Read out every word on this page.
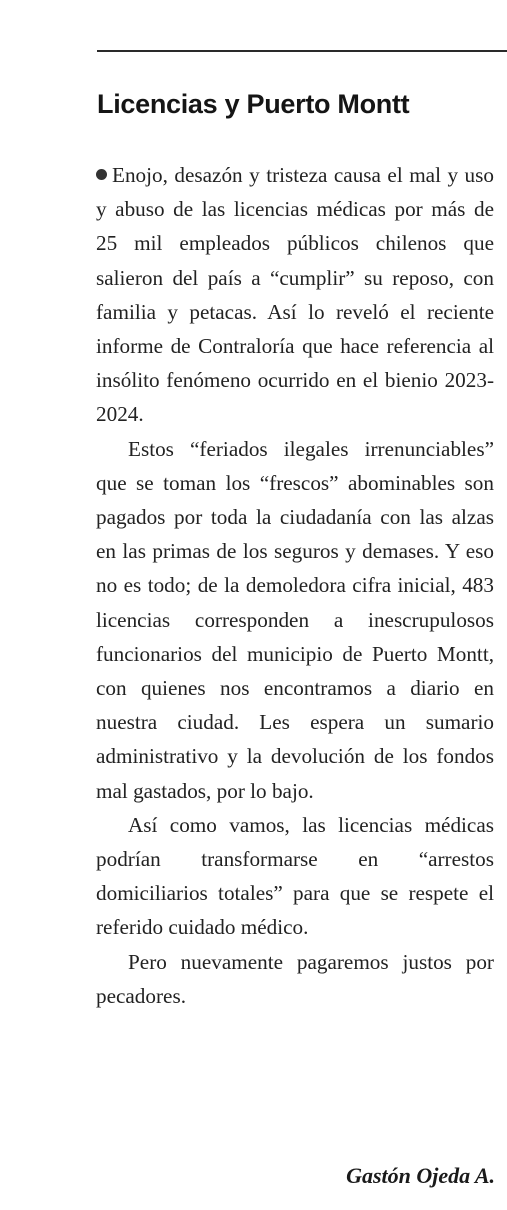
Licencias y Puerto Montt

Enojo, desazón y tristeza causa el mal y uso y abuso de las licencias médicas por más de 25 mil empleados públicos chilenos que salieron del país a “cumplir” su reposo, con familia y petacas. Así lo reveló el reciente informe de Contraloría que hace referencia al insólito fenómeno ocurrido en el bienio 2023-2024.

Estos “feriados ilegales irrenunciables” que se toman los “frescos” abominables son pagados por toda la ciudadanía con las alzas en las primas de los seguros y demases. Y eso no es todo; de la demoledora cifra inicial, 483 licencias corresponden a inescrupulosos funcionarios del municipio de Puerto Montt, con quienes nos encontramos a diario en nuestra ciudad. Les espera un sumario administrativo y la devolución de los fondos mal gastados, por lo bajo.

Así como vamos, las licencias médicas podrían transformarse en “arrestos domiciliarios totales” para que se respete el referido cuidado médico.

Pero nuevamente pagaremos justos por pecadores.

Gastón Ojeda A.
